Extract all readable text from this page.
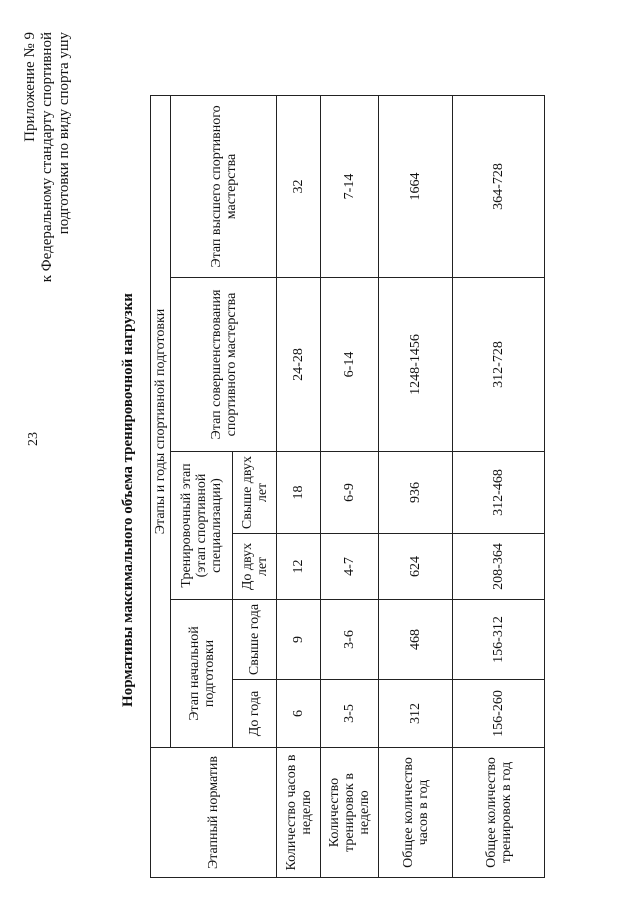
23
Приложение № 9 к Федеральному стандарту спортивной подготовки по виду спорта ушу
Нормативы максимального объема тренировочной нагрузки
Этапный норматив	Этапы и годы спортивной подготовки					
	Этап начальной подготовки		Тренировочный этап (этап спортивной специализации)		Этап совершенствования спортивного мастерства	Этап высшего спортивного мастерства
	До года	Свыше года	До двух лет	Свыше двух лет		
Количество часов в неделю	6	9	12	18	24-28	32
Количество тренировок в неделю	3-5	3-6	4-7	6-9	6-14	7-14
Общее количество часов в год	312	468	624	936	1248-1456	1664
Общее количество тренировок в год	156-260	156-312	208-364	312-468	312-728	364-728
